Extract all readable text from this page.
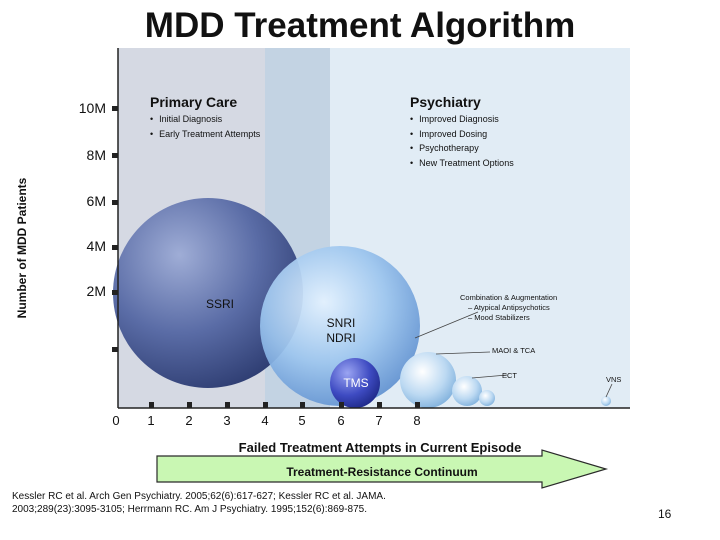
MDD Treatment Algorithm
Number of MDD Patients
10M
8M
6M
4M
2M
0	1	2	3	4	5	6	7	8
Primary Care
• Initial Diagnosis
• Early Treatment Attempts
Psychiatry
• Improved Diagnosis
• Improved Dosing
• Psychotherapy
• New Treatment Options
SSRI
SNRI
NDRI
TMS
Combination & Augmentation
– Atypical Antipsychotics
– Mood Stabilizers
MAOI & TCA
ECT	VNS
Failed Treatment Attempts in Current Episode
Treatment-Resistance Continuum
Kessler RC et al. Arch Gen Psychiatry. 2005;62(6):617-627; Kessler RC et al. JAMA.
2003;289(23):3095-3105; Herrmann RC. Am J Psychiatry. 1995;152(6):869-875.	16
